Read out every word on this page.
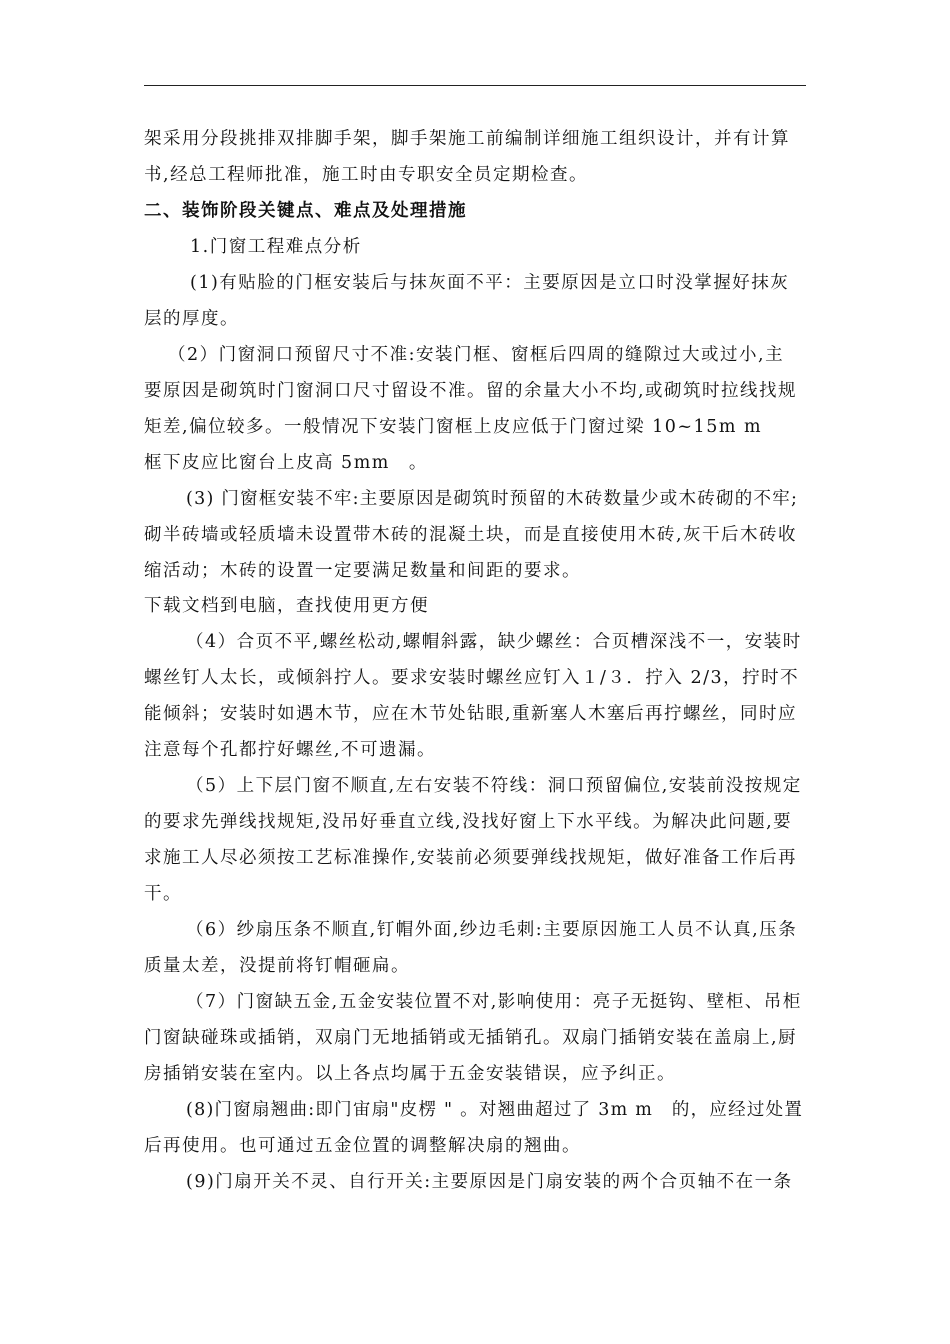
架采用分段挑排双排脚手架，脚手架施工前编制详细施工组织设计，并有计算
书,经总工程师批准，施工时由专职安全员定期检查。
二、装饰阶段关键点、难点及处理措施
1.门窗工程难点分析
(1)有贴脸的门框安装后与抹灰面不平：主要原因是立口时没掌握好抹灰
层的厚度。
（2）门窗洞口预留尺寸不准:安装门框、窗框后四周的缝隙过大或过小,主
要原因是砌筑时门窗洞口尺寸留设不准。留的余量大小不均,或砌筑时拉线找规
矩差,偏位较多。一般情况下安装门窗框上皮应低于门窗过梁 10~15m m
框下皮应比窗台上皮高 5mm　。
(3) 门窗框安装不牢:主要原因是砌筑时预留的木砖数量少或木砖砌的不牢;
砌半砖墙或轻质墙未设置带木砖的混凝土块，而是直接使用木砖,灰干后木砖收
缩活动；木砖的设置一定要满足数量和间距的要求。
下载文档到电脑，查找使用更方便
（4）合页不平,螺丝松动,螺帽斜露，缺少螺丝：合页槽深浅不一，安装时
螺丝钉人太长，或倾斜拧人。要求安装时螺丝应钉入１/３．拧入 2/3，拧时不
能倾斜；安装时如遇木节，应在木节处钻眼,重新塞人木塞后再拧螺丝，同时应
注意每个孔都拧好螺丝,不可遗漏。
（5）上下层门窗不顺直,左右安装不符线：洞口预留偏位,安装前没按规定
的要求先弹线找规矩,没吊好垂直立线,没找好窗上下水平线。为解决此问题,要
求施工人尽必须按工艺标准操作,安装前必须要弹线找规矩，做好准备工作后再
干。
（6）纱扇压条不顺直,钉帽外面,纱边毛刺:主要原因施工人员不认真,压条
质量太差，没提前将钉帽砸扁。
（7）门窗缺五金,五金安装位置不对,影响使用：亮子无挺钩、壁柜、吊柜
门窗缺碰珠或插销，双扇门无地插销或无插销孔。双扇门插销安装在盖扇上,厨
房插销安装在室内。以上各点均属于五金安装错误，应予纠正。
(8)门窗扇翘曲:即门宙扇"皮楞 " 。对翘曲超过了 3m m　的，应经过处置
后再使用。也可通过五金位置的调整解决扇的翘曲。
(9)门扇开关不灵、自行开关:主要原因是门扇安装的两个合页轴不在一条
